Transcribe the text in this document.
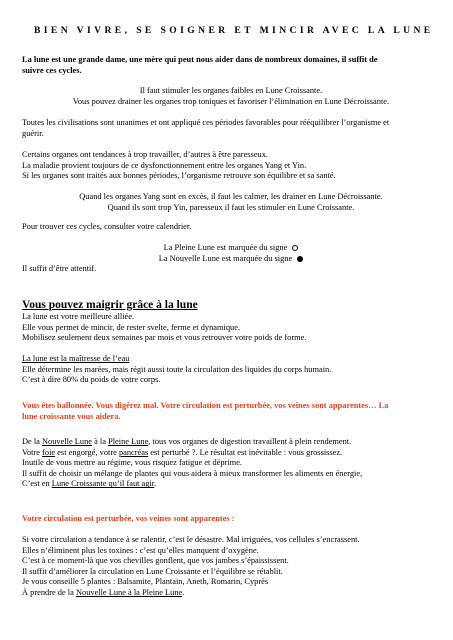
BIEN VIVRE, SE SOIGNER ET MINCIR AVEC LA LUNE
La lune est une grande dame, une mère qui peut nous aider dans de nombreux domaines, il suffit de
suivre ces cycles.
Il faut stimuler les organes faibles en Lune Croissante.
Vous pouvez drainer les organes trop toniques et favoriser l’élimination en Lune Décroissante.
Toutes les civilisations sont unanimes et ont appliqué ces périodes favorables pour rééquilibrer l’organisme et
guérir.
Certains organes ont tendances à trop travailler, d’autres à être paresseux.
La maladie provient toujours de ce dysfonctionnement entre les organes Yang et Yin.
Si les organes sont traités aux bonnes périodes, l’organisme retrouve son équilibre et sa santé.
Quand les organes Yang sont en excès, il faut les calmer, les drainer en Lune Décroissante.
Quand ils sont trop Yin, paresseux il faut les stimuler en Lune Croissante.
Pour trouver ces cycles, consulter votre calendrier.
La Pleine Lune est marquée du signe
La Nouvelle Lune est marquée du signe
Il suffit d’être attentif.
Vous pouvez maigrir grâce à la lune
La lune est votre meilleure alliée.
Elle vous permet de mincir, de rester svelte, ferme et dynamique.
Mobilisez seulement deux semaines par mois et vous retrouver votre poids de forme.
La lune est la maîtresse de l’eau
Elle détermine les marées, mais régit aussi toute la circulation des liquides du corps humain.
C’est à dire 80% du poids de votre corps.
Vous êtes ballonnée. Vous digérez mal. Votre circulation est perturbée, vos veines sont apparentes… La
lune croissante vous aidera.
De la Nouvelle Lune à la Pleine Lune, tous vos organes de digestion travaillent à plein rendement.
Votre foie est engorgé, votre pancréas est perturbé ?. Le résultat est inévitable : vous grossissez.
Inutile de vous mettre au régime, vous risquez fatigue et déprime.
Il suffit de choisir un mélange de plantes qui vous aidera à mieux transformer les aliments en énergie,
C’est en Lune Croissante qu’il faut agir.
Votre circulation est perturbée, vos veines sont apparentes :
Si votre circulation a tendance à se ralentir, c’est le désastre. Mal irriguées, vos cellules s’encrassent.
Elles n’éliminent plus les toxines : c’est qu’elles manquent d’oxygène.
C’est à ce moment-là que vos chevilles gonflent, que vos jambes s’épaississent.
Il suffit d’améliorer la circulation en Lune Croissante et l’équilibre se rétablit.
Je vous conseille 5 plantes : Balsamite, Plantain, Aneth, Romarin, Cyprès
À prendre de la Nouvelle Lune à la Pleine Lune.
